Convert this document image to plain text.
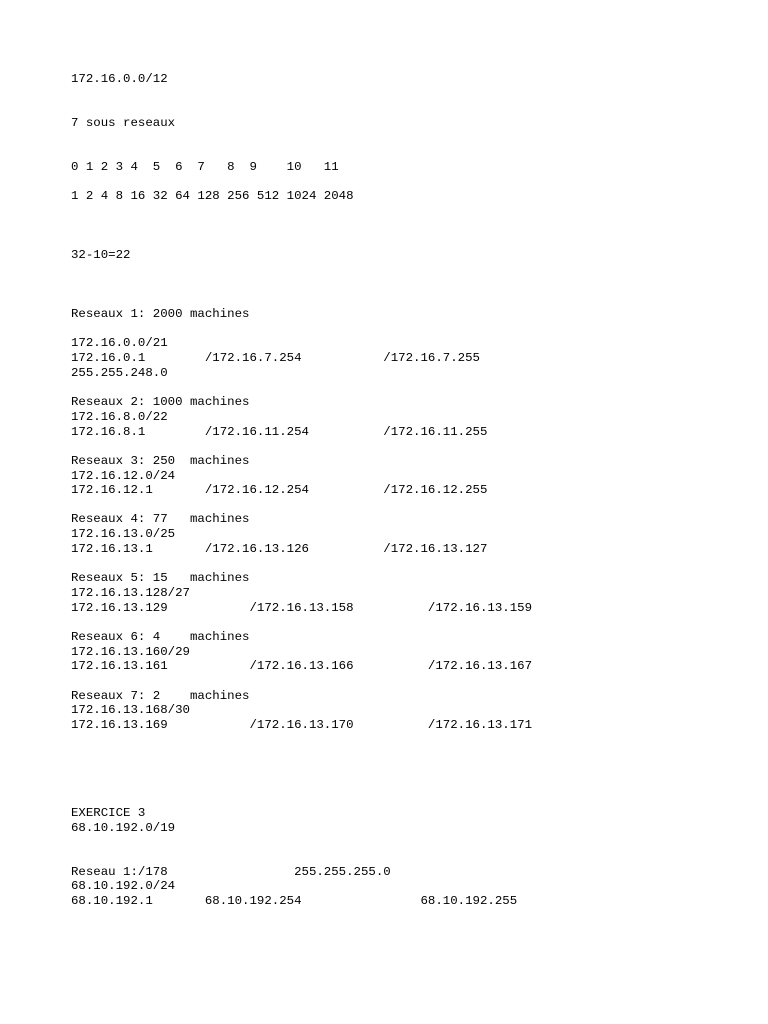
172.16.0.0/12

7 sous reseaux

0 1 2 3 4  5  6  7   8  9    10   11

1 2 4 8 16 32 64 128 256 512 1024 2048

32-10=22

Reseaux 1: 2000 machines

172.16.0.0/21

172.16.0.1        /172.16.7.254           /172.16.7.255

255.255.248.0

Reseaux 2: 1000 machines

172.16.8.0/22

172.16.8.1        /172.16.11.254          /172.16.11.255

Reseaux 3: 250  machines

172.16.12.0/24

172.16.12.1       /172.16.12.254          /172.16.12.255

Reseaux 4: 77   machines

172.16.13.0/25

172.16.13.1       /172.16.13.126          /172.16.13.127

Reseaux 5: 15   machines

172.16.13.128/27

172.16.13.129           /172.16.13.158          /172.16.13.159

Reseaux 6: 4    machines

172.16.13.160/29

172.16.13.161           /172.16.13.166          /172.16.13.167

Reseaux 7: 2    machines

172.16.13.168/30

172.16.13.169           /172.16.13.170          /172.16.13.171

EXERCICE 3

68.10.192.0/19

Reseau 1:/178                 255.255.255.0

68.10.192.0/24

68.10.192.1       68.10.192.254                68.10.192.255
